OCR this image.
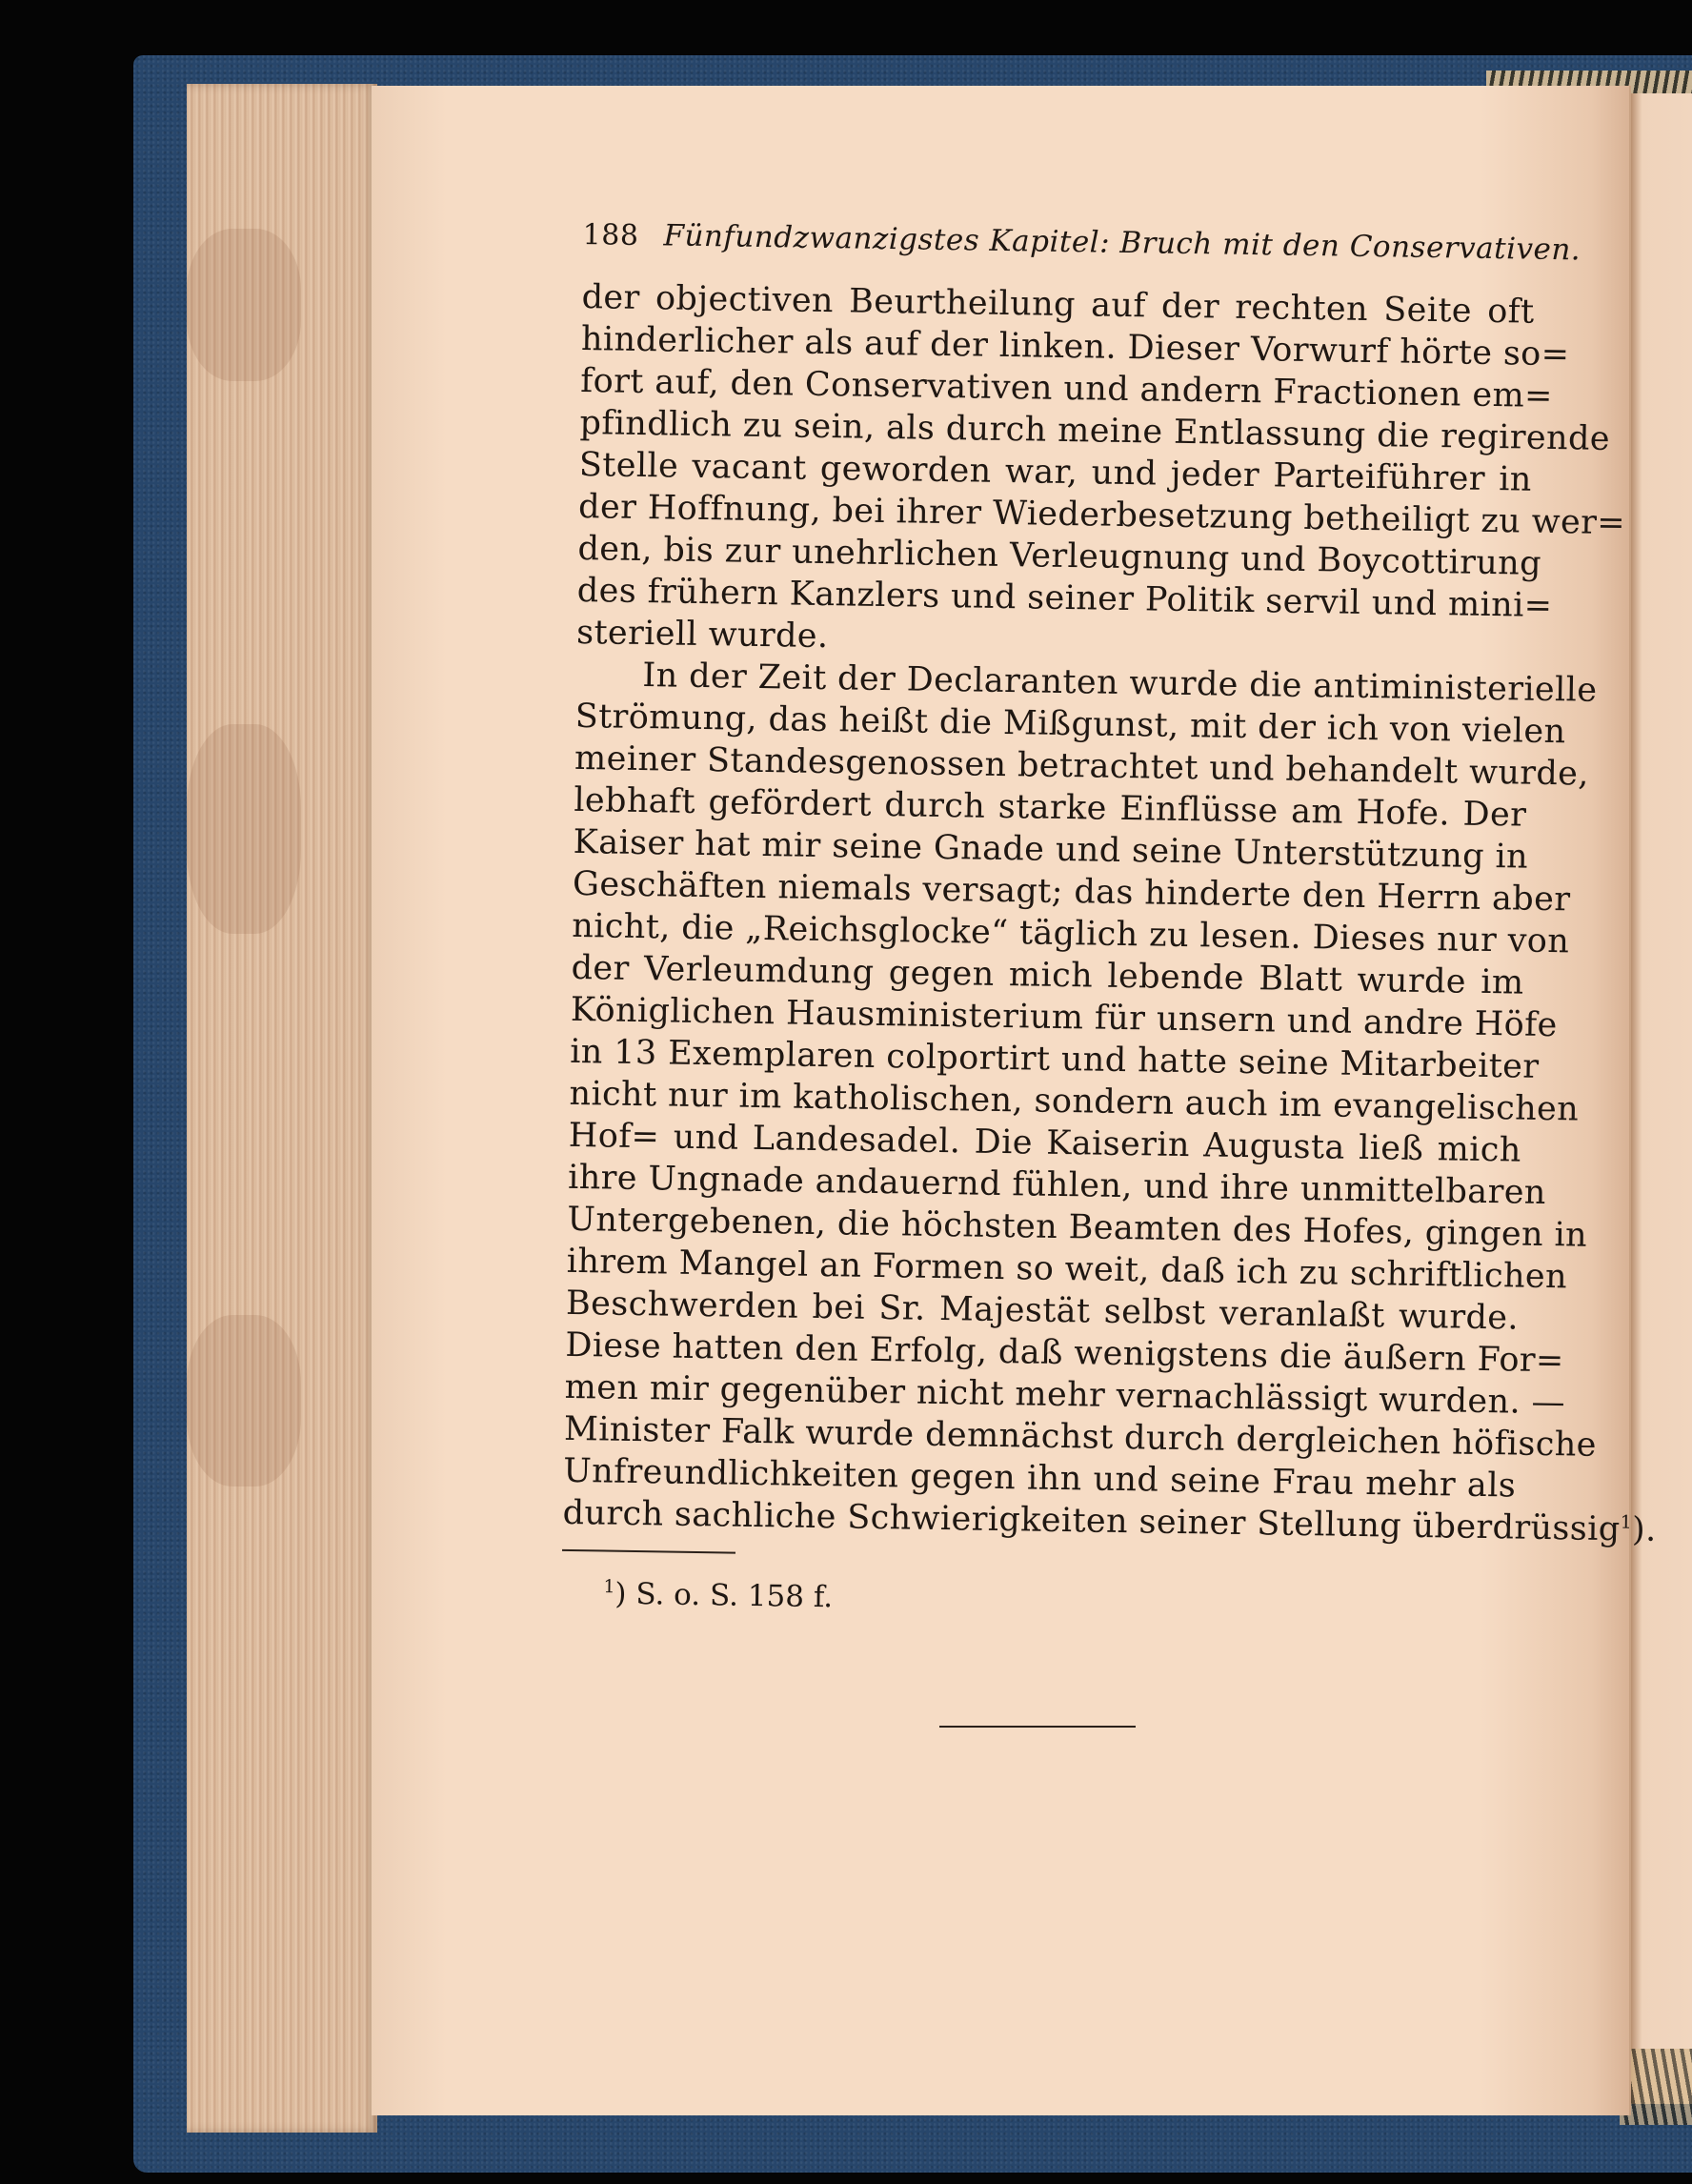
188 Fünfundzwanzigstes Kapitel: Bruch mit den Conservativen.
der objectiven Beurtheilung auf der rechten Seite oft
hinderlicher als auf der linken. Dieser Vorwurf hörte so=
fort auf, den Conservativen und andern Fractionen em=
pfindlich zu sein, als durch meine Entlassung die regirende
Stelle vacant geworden war, und jeder Parteiführer in
der Hoffnung, bei ihrer Wiederbesetzung betheiligt zu wer=
den, bis zur unehrlichen Verleugnung und Boycottirung
des frühern Kanzlers und seiner Politik servil und mini=
steriell wurde.
In der Zeit der Declaranten wurde die antiministerielle
Strömung, das heißt die Mißgunst, mit der ich von vielen
meiner Standesgenossen betrachtet und behandelt wurde,
lebhaft gefördert durch starke Einflüsse am Hofe. Der
Kaiser hat mir seine Gnade und seine Unterstützung in
Geschäften niemals versagt; das hinderte den Herrn aber
nicht, die „Reichsglocke“ täglich zu lesen. Dieses nur von
der Verleumdung gegen mich lebende Blatt wurde im
Königlichen Hausministerium für unsern und andre Höfe
in 13 Exemplaren colportirt und hatte seine Mitarbeiter
nicht nur im katholischen, sondern auch im evangelischen
Hof= und Landesadel. Die Kaiserin Augusta ließ mich
ihre Ungnade andauernd fühlen, und ihre unmittelbaren
Untergebenen, die höchsten Beamten des Hofes, gingen in
ihrem Mangel an Formen so weit, daß ich zu schriftlichen
Beschwerden bei Sr. Majestät selbst veranlaßt wurde.
Diese hatten den Erfolg, daß wenigstens die äußern For=
men mir gegenüber nicht mehr vernachlässigt wurden. —
Minister Falk wurde demnächst durch dergleichen höfische
Unfreundlichkeiten gegen ihn und seine Frau mehr als
durch sachliche Schwierigkeiten seiner Stellung überdrüssig$^1$).
$^1$) S. o. S. 158 f.
